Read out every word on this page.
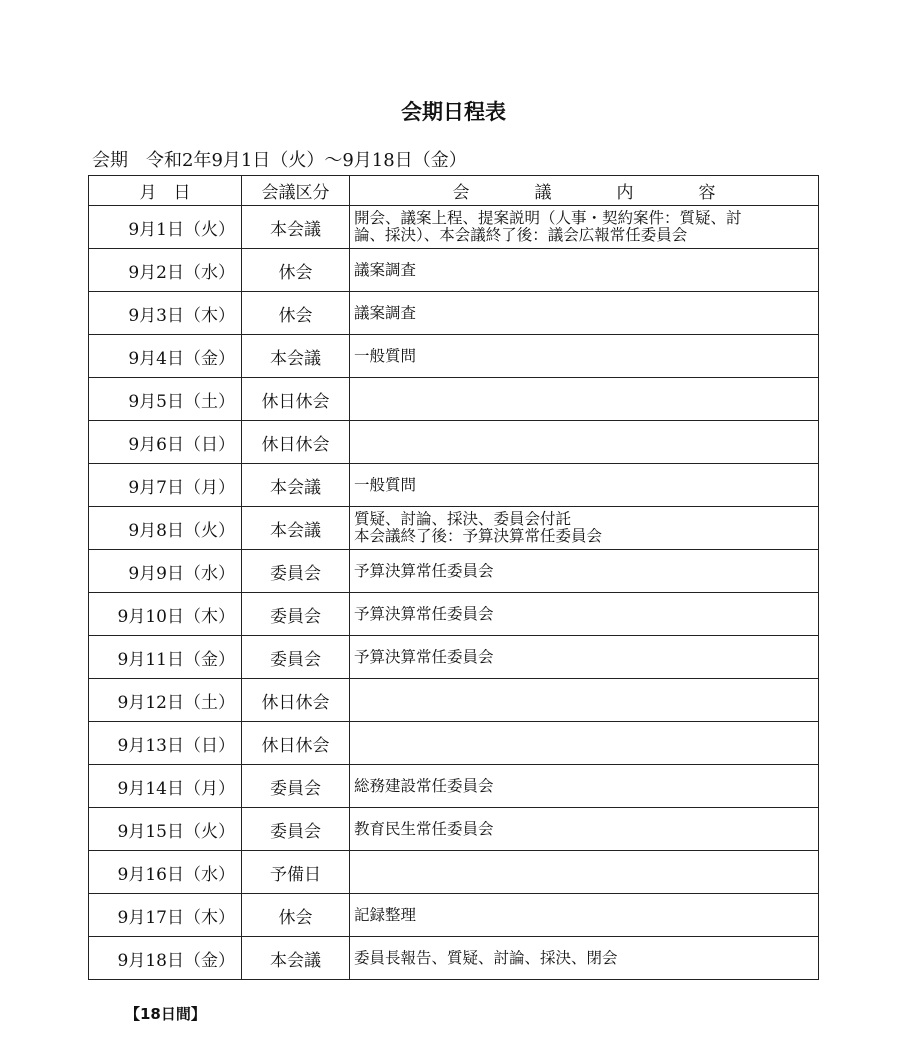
会期日程表
会期　令和2年9月1日（火）～9月18日（金）
月　日	会議区分	会　議　内　容
9月1日（火）	本会議	開会、議案上程、提案説明（人事・契約案件：質疑、討
論、採決）、本会議終了後：議会広報常任委員会

9月2日（水）	休会	議案調査

9月3日（木）	休会	議案調査

9月4日（金）	本会議	一般質問

9月5日（土）	休日休会	
9月6日（日）	休日休会	
9月7日（月）	本会議	一般質問

9月8日（火）	本会議	質疑、討論、採決、委員会付託
本会議終了後：予算決算常任委員会

9月9日（水）	委員会	予算決算常任委員会

9月10日（木）	委員会	予算決算常任委員会

9月11日（金）	委員会	予算決算常任委員会

9月12日（土）	休日休会	
9月13日（日）	休日休会	
9月14日（月）	委員会	総務建設常任委員会

9月15日（火）	委員会	教育民生常任委員会

9月16日（水）	予備日	
9月17日（木）	休会	記録整理

9月18日（金）	本会議	委員長報告、質疑、討論、採決、閉会
【18日間】
